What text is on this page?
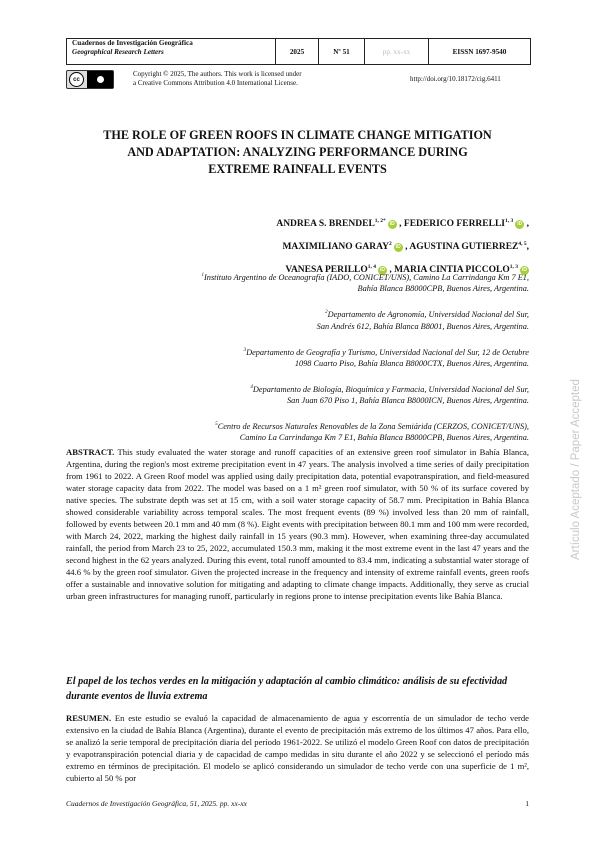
Cuadernos de Investigación Geográfica
Geographical Research Letters	2025	Nº 51	pp. xx-xx	EISSN 1697-9540
cc
Copyright © 2025, The authors. This work is licensed under
a Creative Commons Attribution 4.0 International License.	http://doi.org/10.18172/cig.6411
THE ROLE OF GREEN ROOFS IN CLIMATE CHANGE MITIGATION
AND ADAPTATION: ANALYZING PERFORMANCE DURING
EXTREME RAINFALL EVENTS
ANDREA S. $BRENDEL^{1, 2*}iD$ , FEDERICO FERRELLI$^{1, 3}$iD ,
MAXIMILIANO GARAY$^2$iD , AGUSTINA GUTIERREZ$^{4, 5}$,
VANESA PERILLO$^{1, 4}$iD , MARIA CINTIA PICCOLO$^{1, 3}$iD
$^1$Instituto Argentino de Oceanografía (IADO, CONICET/UNS), Camino La Carrindanga Km 7 E1,
Bahía Blanca B8000CPB, Buenos Aires, Argentina.
$^2$Departamento de Agronomía, Universidad Nacional del Sur,
San Andrés 612, Bahía Blanca B8001, Buenos Aires, Argentina.
$^3$Departamento de Geografía y Turismo, Universidad Nacional del Sur, 12 de Octubre
1098 Cuarto Piso, Bahía Blanca B8000CTX, Buenos Aires, Argentina.
$^4$Departamento de Biología, Bioquímica y Farmacia, Universidad Nacional del Sur,
San Juan 670 Piso 1, Bahía Blanca B8000ICN, Buenos Aires, Argentina.
$^5$Centro de Recursos Naturales Renovables de la Zona Semiárida (CERZOS, CONICET/UNS),
Camino La Carrindanga Km 7 E1, Bahía Blanca B8000CPB, Buenos Aires, Argentina.	Artículo Aceptado / Paper Accepted
ABSTRACT. This study evaluated the water storage and runoff capacities of an extensive green roof simulator in Bahía Blanca, Argentina, during the region's most extreme precipitation event in 47 years. The analysis involved a time series of daily precipitation from 1961 to 2022. A Green Roof model was applied using daily precipitation data, potential evapotranspiration, and field-measured water storage capacity data from 2022. The model was based on a 1 m² green roof simulator, with 50 % of its surface covered by native species. The substrate depth was set at 15 cm, with a soil water storage capacity of 58.7 mm. Precipitation in Bahía Blanca showed considerable variability across temporal scales. The most frequent events (89 %) involved less than 20 mm of rainfall, followed by events between 20.1 mm and 40 mm (8 %). Eight events with precipitation between 80.1 mm and 100 mm were recorded, with March 24, 2022, marking the highest daily rainfall in 15 years (90.3 mm). However, when examining three-day accumulated rainfall, the period from March 23 to 25, 2022, accumulated 150.3 mm, making it the most extreme event in the last 47 years and the second highest in the 62 years analyzed. During this event, total runoff amounted to 83.4 mm, indicating a substantial water storage of 44.6 % by the green roof simulator. Given the projected increase in the frequency and intensity of extreme rainfall events, green roofs offer a sustainable and innovative solution for mitigating and adapting to climate change impacts. Additionally, they serve as crucial urban green infrastructures for managing runoff, particularly in regions prone to intense precipitation events like Bahía Blanca.
El papel de los techos verdes en la mitigación y adaptación al cambio climático: análisis de su efectividad durante eventos de lluvia extrema
RESUMEN. En este estudio se evaluó la capacidad de almacenamiento de agua y escorrentía de un simulador de techo verde extensivo en la ciudad de Bahía Blanca (Argentina), durante el evento de precipitación más extremo de los últimos 47 años. Para ello, se analizó la serie temporal de precipitación diaria del período 1961-2022. Se utilizó el modelo Green Roof con datos de precipitación y evapotranspiración potencial diaria y de capacidad de campo medidas in situ durante el año 2022 y se seleccionó el período más extremo en términos de precipitación. El modelo se aplicó considerando un simulador de techo verde con una superficie de 1 m², cubierto al 50 % por
Cuadernos de Investigación Geográfica, 51, 2025. pp. xx-xx	1
